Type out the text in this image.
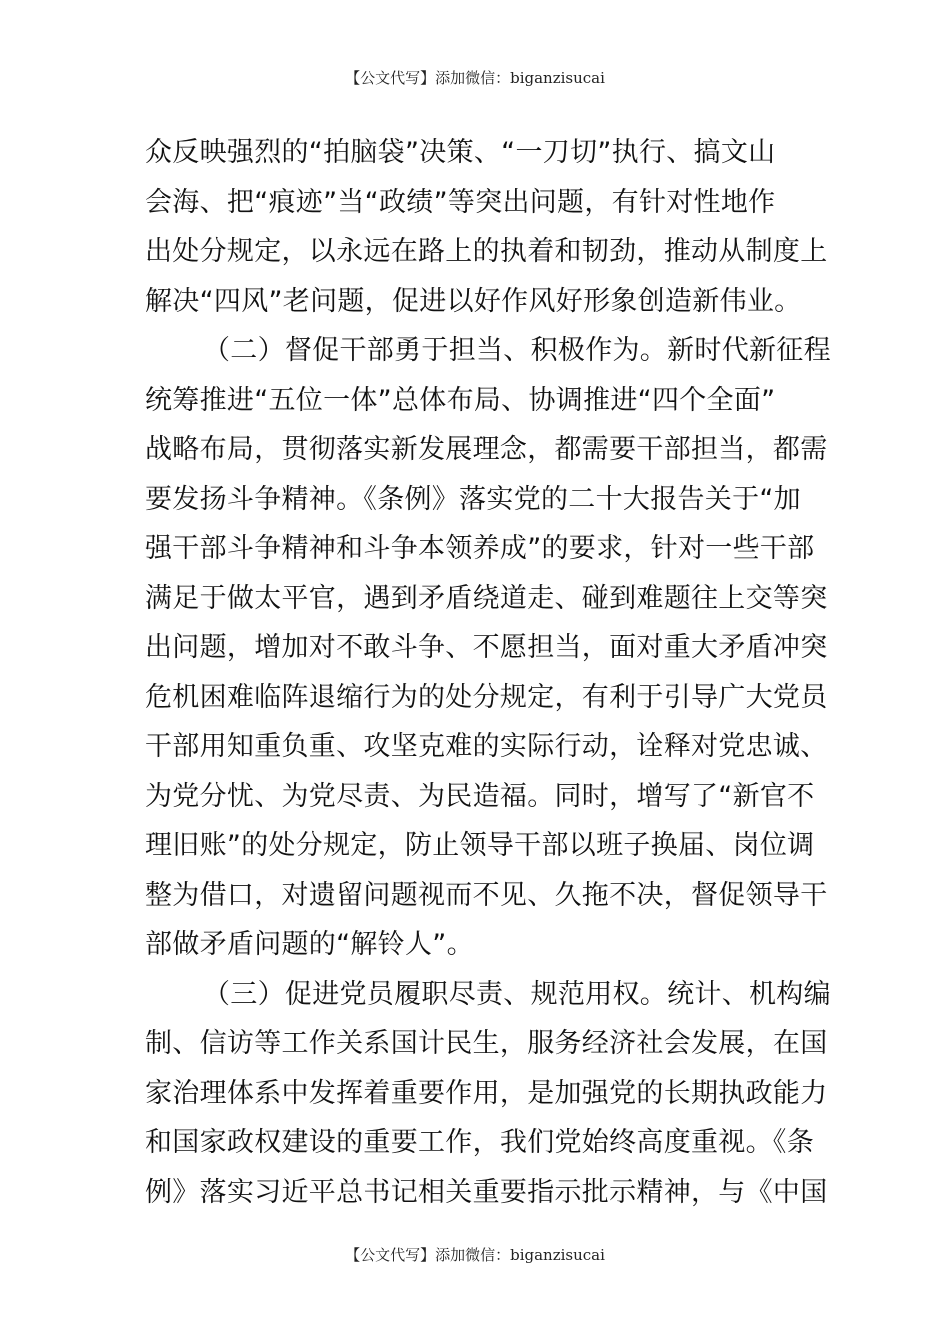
【公文代写】添加微信：biganzisucai
众反映强烈的“拍脑袋”决策、“一刀切”执行、搞文山
会海、把“痕迹”当“政绩”等突出问题，有针对性地作
出处分规定，以永远在路上的执着和韧劲，推动从制度上
解决“四风”老问题，促进以好作风好形象创造新伟业。
（二）督促干部勇于担当、积极作为。新时代新征程
统筹推进“五位一体”总体布局、协调推进“四个全面”
战略布局，贯彻落实新发展理念，都需要干部担当，都需
要发扬斗争精神。《条例》落实党的二十大报告关于“加
强干部斗争精神和斗争本领养成”的要求，针对一些干部
满足于做太平官，遇到矛盾绕道走、碰到难题往上交等突
出问题，增加对不敢斗争、不愿担当，面对重大矛盾冲突
危机困难临阵退缩行为的处分规定，有利于引导广大党员
干部用知重负重、攻坚克难的实际行动，诠释对党忠诚、
为党分忧、为党尽责、为民造福。同时，增写了“新官不
理旧账”的处分规定，防止领导干部以班子换届、岗位调
整为借口，对遗留问题视而不见、久拖不决，督促领导干
部做矛盾问题的“解铃人”。
（三）促进党员履职尽责、规范用权。统计、机构编
制、信访等工作关系国计民生，服务经济社会发展，在国
家治理体系中发挥着重要作用，是加强党的长期执政能力
和国家政权建设的重要工作，我们党始终高度重视。《条
例》落实习近平总书记相关重要指示批示精神，与《中国
【公文代写】添加微信：biganzisucai
